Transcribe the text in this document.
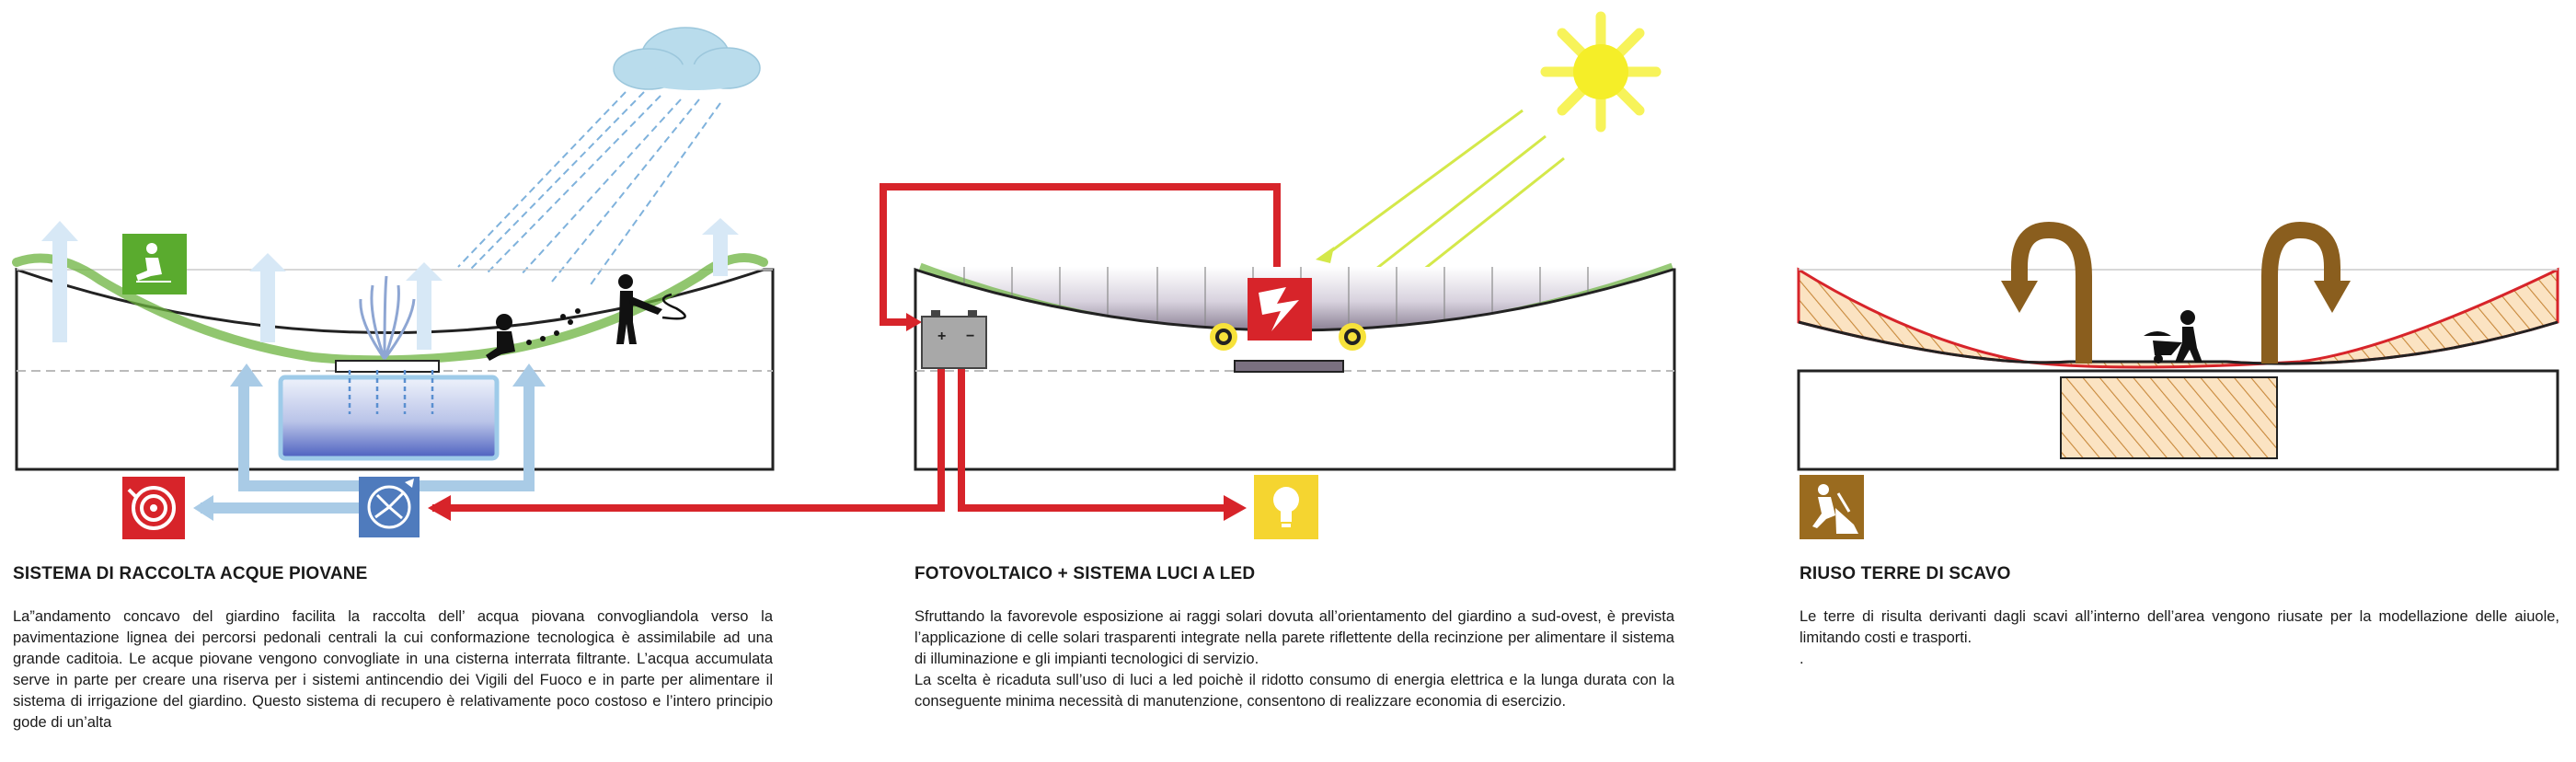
+ −
SISTEMA DI RACCOLTA ACQUE PIOVANE

La”andamento concavo del giardino facilita la raccolta dell’ acqua piovana convogliandola verso la pavimentazione lignea dei percorsi pedonali centrali la cui conformazione tecnologica è assimilabile ad una grande caditoia. Le acque piovane vengono convogliate in una cisterna interrata filtrante. L’acqua accumulata serve in parte per creare una riserva per i sistemi antincendio dei Vigili del Fuoco e in parte per alimentare il sistema di irrigazione del giardino. Questo sistema di recupero è relativamente poco costoso e l’intero principio gode di un’alta

FOTOVOLTAICO + SISTEMA LUCI A LED

Sfruttando la favorevole esposizione ai raggi solari dovuta all’orientamento del giardino a sud-ovest, è prevista l’applicazione di celle solari trasparenti integrate nella parete riflettente della recinzione per alimentare il sistema di illuminazione e gli impianti tecnologici di servizio.

La scelta è ricaduta sull’uso di luci a led poichè il ridotto consumo di energia elettrica e la lunga durata con la conseguente minima necessità di manutenzione, consentono di realizzare economia di esercizio.

RIUSO TERRE DI SCAVO

Le terre di risulta derivanti dagli scavi all’interno dell’area vengono riusate per la modellazione delle aiuole, limitando costi e trasporti.

.
